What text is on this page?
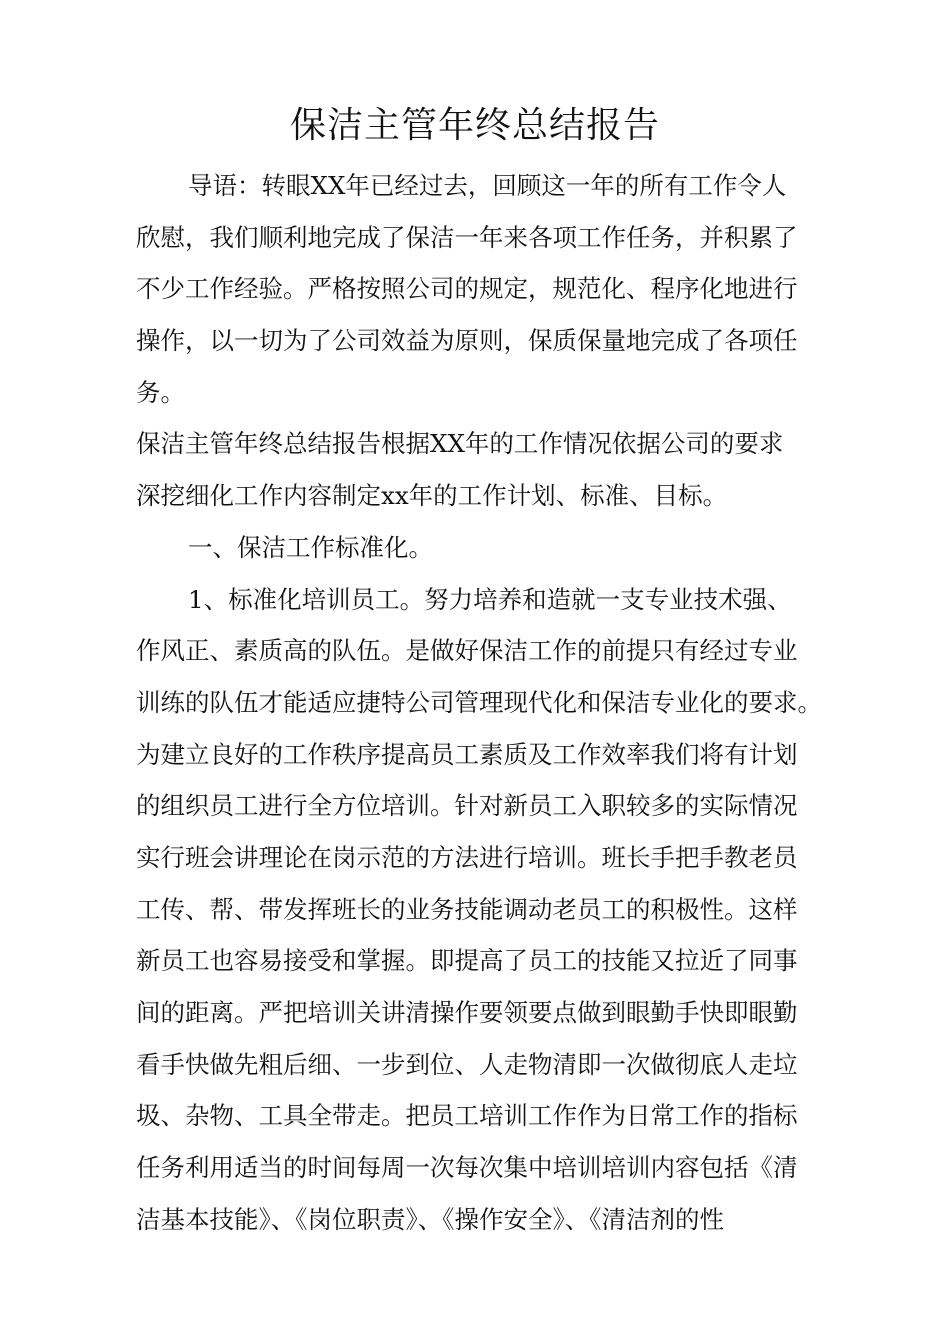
保洁主管年终总结报告
导语：转眼XX年已经过去，回顾这一年的所有工作令人
欣慰，我们顺利地完成了保洁一年来各项工作任务，并积累了
不少工作经验。严格按照公司的规定，规范化、程序化地进行
操作，以一切为了公司效益为原则，保质保量地完成了各项任
务。
保洁主管年终总结报告根据XX年的工作情况依据公司的要求
深挖细化工作内容制定xx年的工作计划、标准、目标。
一、保洁工作标准化。
1、标准化培训员工。努力培养和造就一支专业技术强、
作风正、素质高的队伍。是做好保洁工作的前提只有经过专业
训练的队伍才能适应捷特公司管理现代化和保洁专业化的要求。
为建立良好的工作秩序提高员工素质及工作效率我们将有计划
的组织员工进行全方位培训。针对新员工入职较多的实际情况
实行班会讲理论在岗示范的方法进行培训。班长手把手教老员
工传、帮、带发挥班长的业务技能调动老员工的积极性。这样
新员工也容易接受和掌握。即提高了员工的技能又拉近了同事
间的距离。严把培训关讲清操作要领要点做到眼勤手快即眼勤
看手快做先粗后细、一步到位、人走物清即一次做彻底人走垃
圾、杂物、工具全带走。把员工培训工作作为日常工作的指标
任务利用适当的时间每周一次每次集中培训培训内容包括《清
洁基本技能》、《岗位职责》、《操作安全》、《清洁剂的性
